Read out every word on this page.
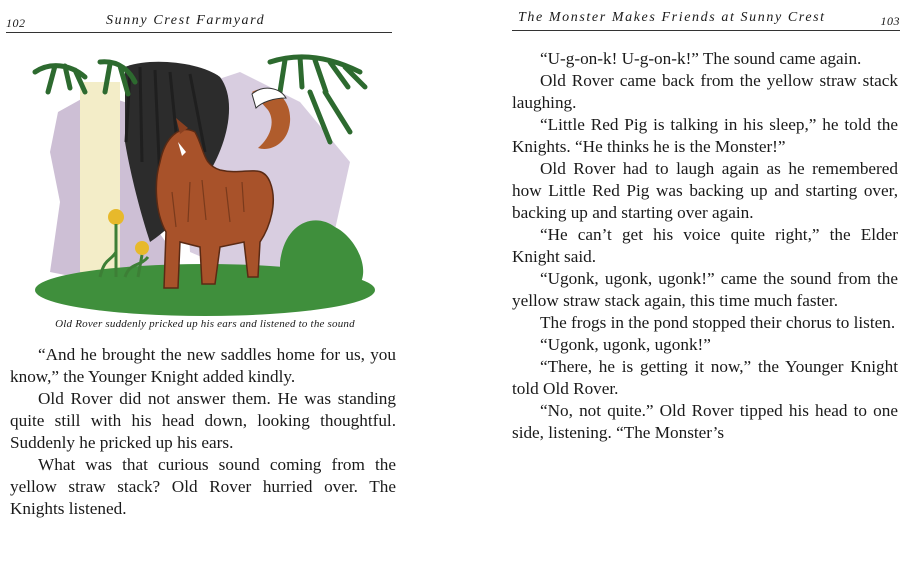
102	Sunny Crest Farmyard
Old Rover suddenly pricked up his ears and listened to the sound

“And he brought the new saddles home for us, you know,” the Younger Knight added kindly.

Old Rover did not answer them. He was standing quite still with his head down, looking thoughtful. Suddenly he pricked up his ears.

What was that curious sound coming from the yellow straw stack? Old Rover hurried over. The Knights listened.

The Monster Makes Friends at Sunny Crest	103

“U-g-on-k! U-g-on-k!” The sound came again.

Old Rover came back from the yellow straw stack laughing.

“Little Red Pig is talking in his sleep,” he told the Knights. “He thinks he is the Monster!”

Old Rover had to laugh again as he remembered how Little Red Pig was backing up and starting over, backing up and starting over again.

“He can’t get his voice quite right,” the Elder Knight said.

“Ugonk, ugonk, ugonk!” came the sound from the yellow straw stack again, this time much faster.

The frogs in the pond stopped their chorus to listen.

“Ugonk, ugonk, ugonk!”

“There, he is getting it now,” the Younger Knight told Old Rover.

“No, not quite.” Old Rover tipped his head to one side, listening. “The Monster’s
